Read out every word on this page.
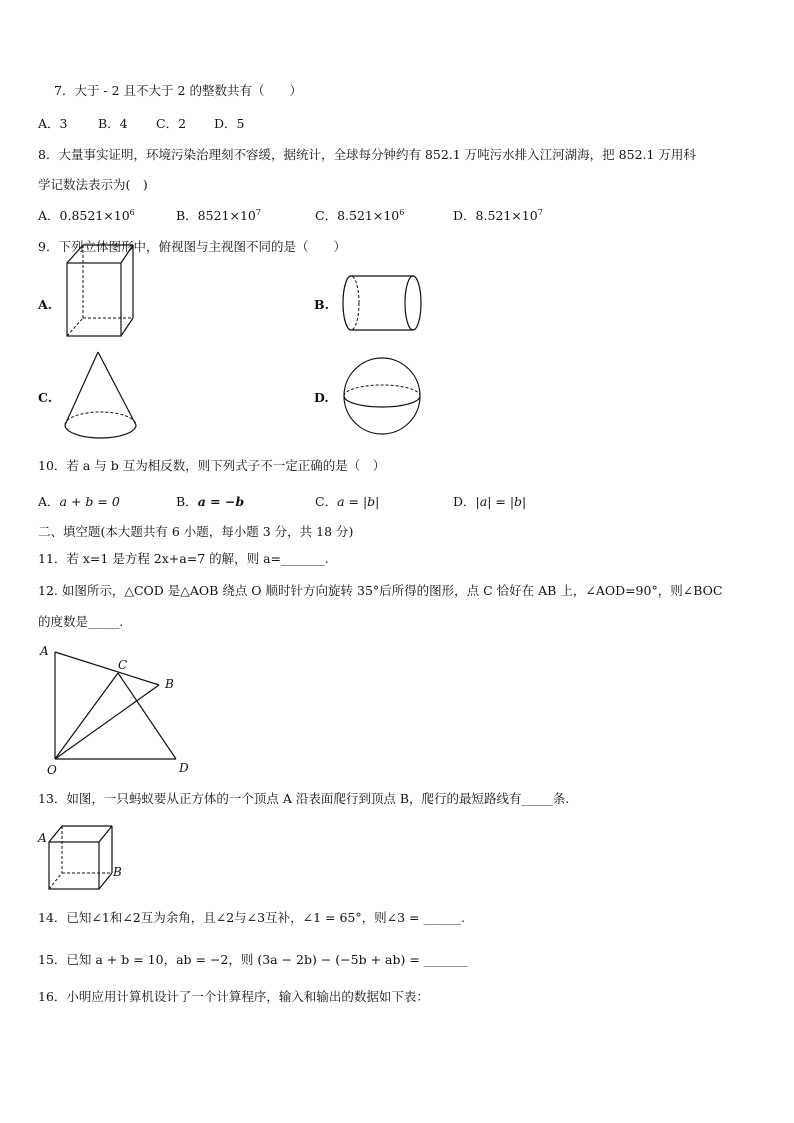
7．大于 - 2 且不大于 2 的整数共有（　　）
A．3 B．4 C．2 D．5
8．大量事实证明，环境污染治理刻不容缓，据统计，全球每分钟约有 852.1 万吨污水排入江河湖海，把 852.1 万用科
学记数法表示为(　)
A．$0.8521\times 10^6$	B．$8521\times 10^7$	C．$8.521\times 10^6$	D．$8.521\times 10^7$
9．下列立体图形中，俯视图与主视图不同的是（　　）
A.	B.
C.	D.
10．若 a 与 b 互为相反数，则下列式子不一定正确的是（　）
A．a + b = 0	B．a = −b	C．a = |b|	D．|a| = |b|
二、填空题(本大题共有 6 小题，每小题 3 分，共 18 分)
11．若 x=1 是方程 2x+a=7 的解，则 a=_______.
12. 如图所示，△COD 是△AOB 绕点 O 顺时针方向旋转 35°后所得的图形，点 C 恰好在 AB 上，∠AOD=90°，则∠BOC
的度数是_____.
A
C
B
O	D
13．如图，一只蚂蚁要从正方体的一个顶点 A 沿表面爬行到顶点 B，爬行的最短路线有_____条.
A
B
14．已知∠1和∠2互为余角，且∠2与∠3互补，∠1 = 65°，则∠3 = ______.
15．已知 a + b = 10，ab = −2，则 (3a − 2b) − (−5b + ab) = _______
16．小明应用计算机设计了一个计算程序，输入和输出的数据如下表：
